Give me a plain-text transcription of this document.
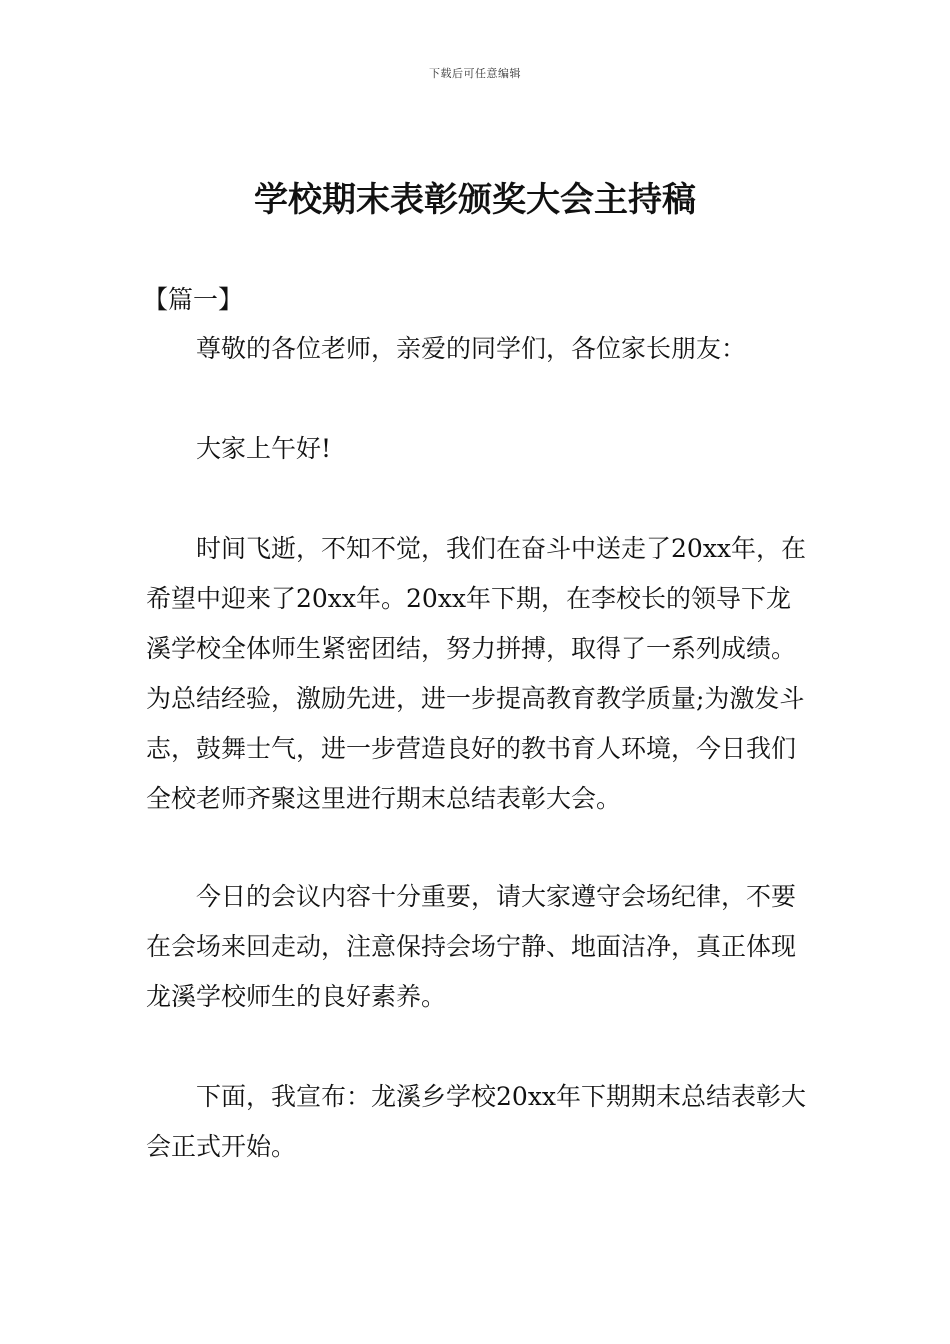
下载后可任意编辑
学校期末表彰颁奖大会主持稿
【篇一】

尊敬的各位老师，亲爱的同学们，各位家长朋友：

大家上午好!

时间飞逝，不知不觉，我们在奋斗中送走了20xx年，在希望中迎来了20xx年。20xx年下期，在李校长的领导下龙溪学校全体师生紧密团结，努力拼搏，取得了一系列成绩。为总结经验，激励先进，进一步提高教育教学质量;为激发斗志，鼓舞士气，进一步营造良好的教书育人环境，今日我们全校老师齐聚这里进行期末总结表彰大会。

今日的会议内容十分重要，请大家遵守会场纪律，不要在会场来回走动，注意保持会场宁静、地面洁净，真正体现龙溪学校师生的良好素养。

下面，我宣布：龙溪乡学校20xx年下期期末总结表彰大会正式开始。
